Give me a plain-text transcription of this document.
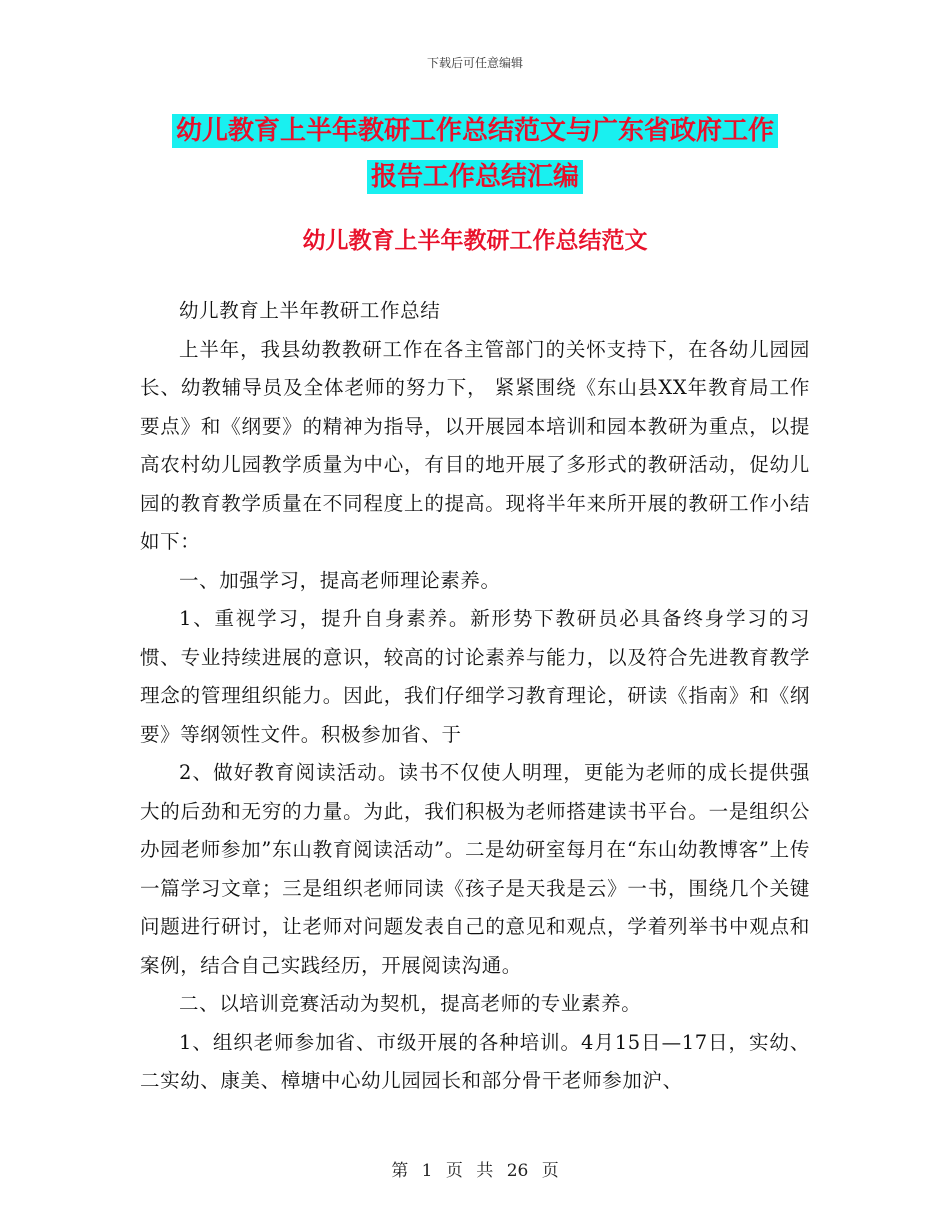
下载后可任意编辑
幼儿教育上半年教研工作总结范文与广东省政府工作
报告工作总结汇编
幼儿教育上半年教研工作总结范文

幼儿教育上半年教研工作总结

上半年，我县幼教教研工作在各主管部门的关怀支持下，在各幼儿园园长、幼教辅导员及全体老师的努力下， 紧紧围绕《东山县XX年教育局工作要点》和《纲要》的精神为指导，以开展园本培训和园本教研为重点，以提高农村幼儿园教学质量为中心，有目的地开展了多形式的教研活动，促幼儿园的教育教学质量在不同程度上的提高。现将半年来所开展的教研工作小结如下：

一、加强学习，提高老师理论素养。

1、重视学习，提升自身素养。新形势下教研员必具备终身学习的习惯、专业持续进展的意识，较高的讨论素养与能力，以及符合先进教育教学理念的管理组织能力。因此，我们仔细学习教育理论，研读《指南》和《纲要》等纲领性文件。积极参加省、于

2、做好教育阅读活动。读书不仅使人明理，更能为老师的成长提供强大的后劲和无穷的力量。为此，我们积极为老师搭建读书平台。一是组织公办园老师参加”东山教育阅读活动”。二是幼研室每月在“东山幼教博客”上传一篇学习文章；三是组织老师同读《孩子是天我是云》一书，围绕几个关键问题进行研讨，让老师对问题发表自己的意见和观点，学着列举书中观点和案例，结合自己实践经历，开展阅读沟通。

二、以培训竞赛活动为契机，提高老师的专业素养。

1、组织老师参加省、市级开展的各种培训。4月15日—17日，实幼、二实幼、康美、樟塘中心幼儿园园长和部分骨干老师参加沪、

第 1 页 共 26 页
